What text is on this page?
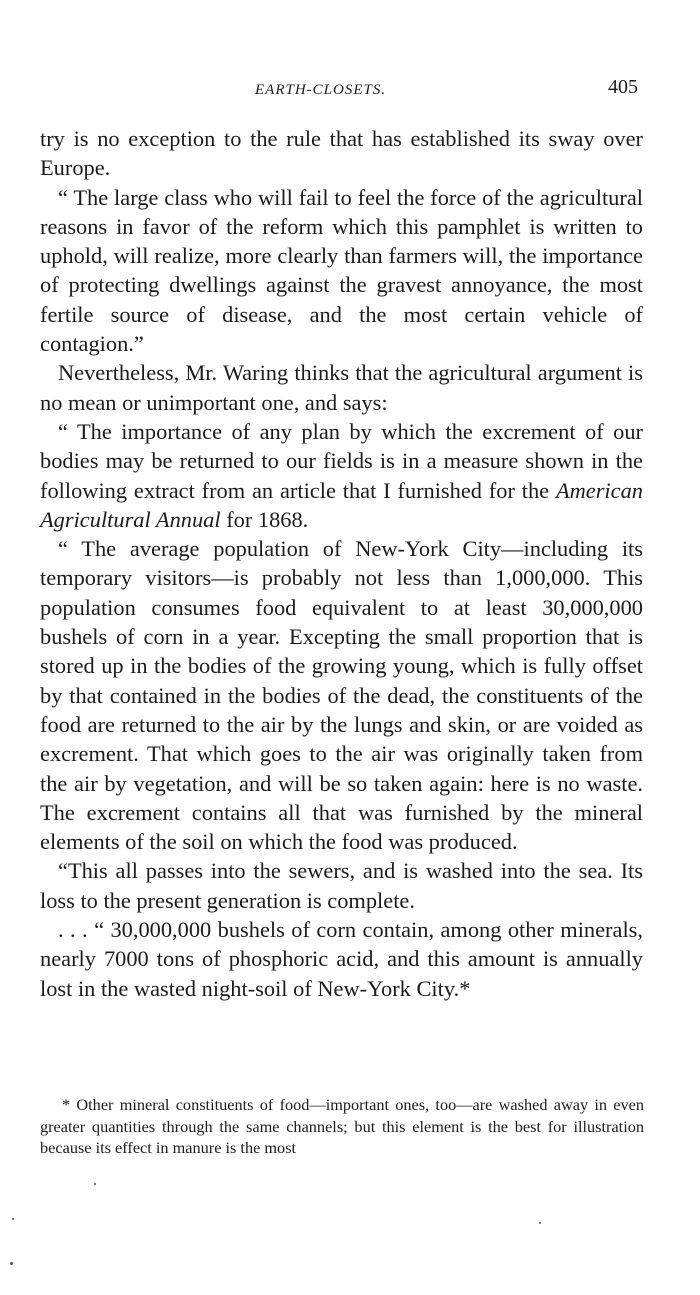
EARTH-CLOSETS.	405

try is no exception to the rule that has established its sway over Europe.

“ The large class who will fail to feel the force of the agricultural reasons in favor of the reform which this pamphlet is written to uphold, will realize, more clearly than farmers will, the importance of protecting dwellings against the gravest annoyance, the most fertile source of disease, and the most certain vehicle of contagion.”

Nevertheless, Mr. Waring thinks that the agricultural argument is no mean or unimportant one, and says:

“ The importance of any plan by which the excrement of our bodies may be returned to our fields is in a measure shown in the following extract from an article that I furnished for the American Agricultural Annual for 1868.

“ The average population of New-York City—including its temporary visitors—is probably not less than 1,000,000. This population consumes food equivalent to at least 30,000,000 bushels of corn in a year. Excepting the small proportion that is stored up in the bodies of the growing young, which is fully offset by that contained in the bodies of the dead, the constituents of the food are returned to the air by the lungs and skin, or are voided as excrement. That which goes to the air was originally taken from the air by vegetation, and will be so taken again: here is no waste. The excrement contains all that was furnished by the mineral elements of the soil on which the food was produced.

“This all passes into the sewers, and is washed into the sea. Its loss to the present generation is complete.

. . . “ 30,000,000 bushels of corn contain, among other minerals, nearly 7000 tons of phosphoric acid, and this amount is annually lost in the wasted night-soil of New-York City.*

* Other mineral constituents of food—important ones, too—are washed away in even greater quantities through the same channels; but this element is the best for illustration because its effect in manure is the most
